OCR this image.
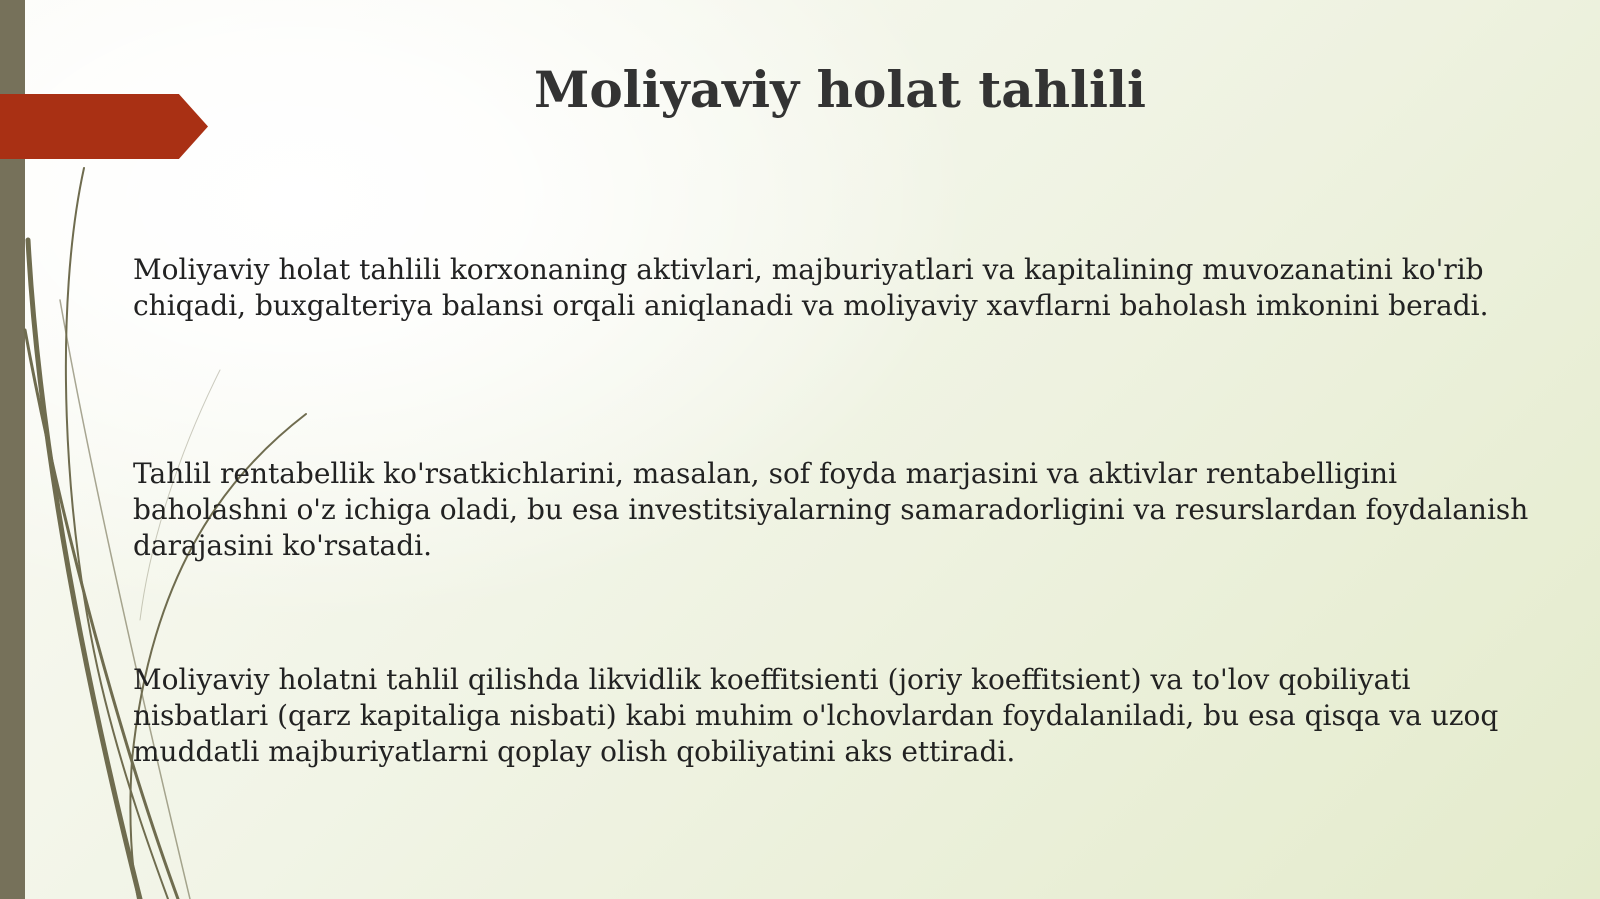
Moliyaviy holat tahlili

Moliyaviy holat tahlili korxonaning aktivlari, majburiyatlari va kapitalining muvozanatini ko'rib chiqadi, buxgalteriya balansi orqali aniqlanadi va moliyaviy xavflarni baholash imkonini beradi.

Tahlil rentabellik ko'rsatkichlarini, masalan, sof foyda marjasini va aktivlar rentabelligini baholashni o'z ichiga oladi, bu esa investitsiyalarning samaradorligini va resurslardan foydalanish darajasini ko'rsatadi.

Moliyaviy holatni tahlil qilishda likvidlik koeffitsienti (joriy koeffitsient) va to'lov qobiliyati nisbatlari (qarz kapitaliga nisbati) kabi muhim o'lchovlardan foydalaniladi, bu esa qisqa va uzoq muddatli majburiyatlarni qoplay olish qobiliyatini aks ettiradi.
